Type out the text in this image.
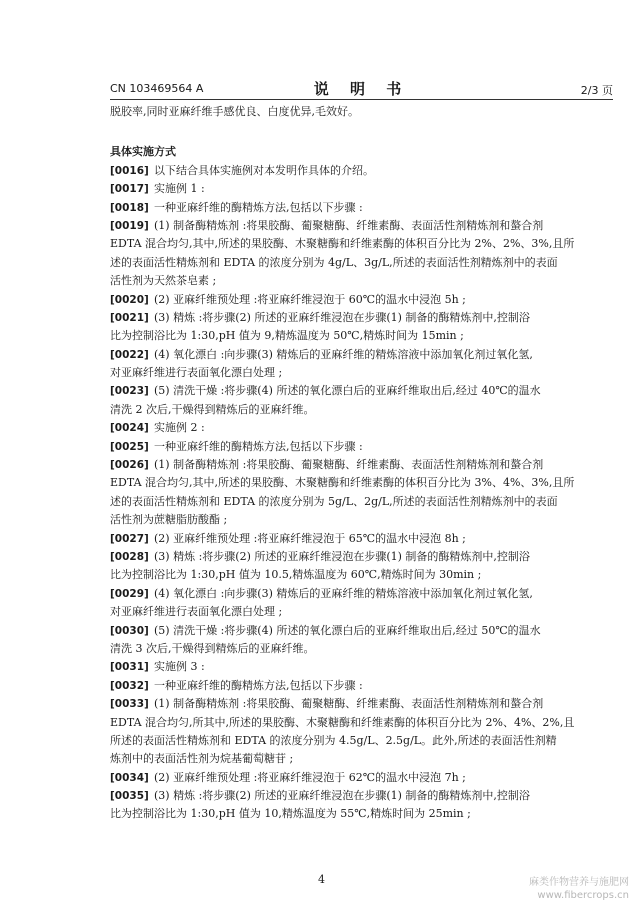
CN 103469564 A	说 明 书	2/3 页
脱胶率,同时亚麻纤维手感优良、白度优异,毛效好。
具体实施方式
[0016] 以下结合具体实施例对本发明作具体的介绍。
[0017] 实施例 1 :
[0018] 一种亚麻纤维的酶精炼方法,包括以下步骤 :
[0019] (1) 制备酶精炼剂 :将果胶酶、葡聚糖酶、纤维素酶、表面活性剂精炼剂和螯合剂
EDTA 混合均匀,其中,所述的果胶酶、木聚糖酶和纤维素酶的体积百分比为 2%、2%、3%,且所
述的表面活性精炼剂和 EDTA 的浓度分别为 4g/L、3g/L,所述的表面活性剂精炼剂中的表面
活性剂为天然茶皂素 ;
[0020] (2) 亚麻纤维预处理 :将亚麻纤维浸泡于 60℃的温水中浸泡 5h ;
[0021] (3) 精炼 :将步骤(2) 所述的亚麻纤维浸泡在步骤(1) 制备的酶精炼剂中,控制浴
比为控制浴比为 1:30,pH 值为 9,精炼温度为 50℃,精炼时间为 15min ;
[0022] (4) 氧化漂白 :向步骤(3) 精炼后的亚麻纤维的精炼溶液中添加氧化剂过氧化氢,
对亚麻纤维进行表面氧化漂白处理 ;
[0023] (5) 清洗干燥 :将步骤(4) 所述的氧化漂白后的亚麻纤维取出后,经过 40℃的温水
清洗 2 次后,干燥得到精炼后的亚麻纤维。
[0024] 实施例 2 :
[0025] 一种亚麻纤维的酶精炼方法,包括以下步骤 :
[0026] (1) 制备酶精炼剂 :将果胶酶、葡聚糖酶、纤维素酶、表面活性剂精炼剂和螯合剂
EDTA 混合均匀,其中,所述的果胶酶、木聚糖酶和纤维素酶的体积百分比为 3%、4%、3%,且所
述的表面活性精炼剂和 EDTA 的浓度分别为 5g/L、2g/L,所述的表面活性剂精炼剂中的表面
活性剂为蔗糖脂肪酸酯 ;
[0027] (2) 亚麻纤维预处理 :将亚麻纤维浸泡于 65℃的温水中浸泡 8h ;
[0028] (3) 精炼 :将步骤(2) 所述的亚麻纤维浸泡在步骤(1) 制备的酶精炼剂中,控制浴
比为控制浴比为 1:30,pH 值为 10.5,精炼温度为 60℃,精炼时间为 30min ;
[0029] (4) 氧化漂白 :向步骤(3) 精炼后的亚麻纤维的精炼溶液中添加氧化剂过氧化氢,
对亚麻纤维进行表面氧化漂白处理 ;
[0030] (5) 清洗干燥 :将步骤(4) 所述的氧化漂白后的亚麻纤维取出后,经过 50℃的温水
清洗 3 次后,干燥得到精炼后的亚麻纤维。
[0031] 实施例 3 :
[0032] 一种亚麻纤维的酶精炼方法,包括以下步骤 :
[0033] (1) 制备酶精炼剂 :将果胶酶、葡聚糖酶、纤维素酶、表面活性剂精炼剂和螯合剂
EDTA 混合均匀,所其中,所述的果胶酶、木聚糖酶和纤维素酶的体积百分比为 2%、4%、2%,且
所述的表面活性精炼剂和 EDTA 的浓度分别为 4.5g/L、2.5g/L。此外,所述的表面活性剂精
炼剂中的表面活性剂为烷基葡萄糖苷 ;
[0034] (2) 亚麻纤维预处理 :将亚麻纤维浸泡于 62℃的温水中浸泡 7h ;
[0035] (3) 精炼 :将步骤(2) 所述的亚麻纤维浸泡在步骤(1) 制备的酶精炼剂中,控制浴
比为控制浴比为 1:30,pH 值为 10,精炼温度为 55℃,精炼时间为 25min ;
4	麻类作物营养与施肥网
www.fibercrops.cn
